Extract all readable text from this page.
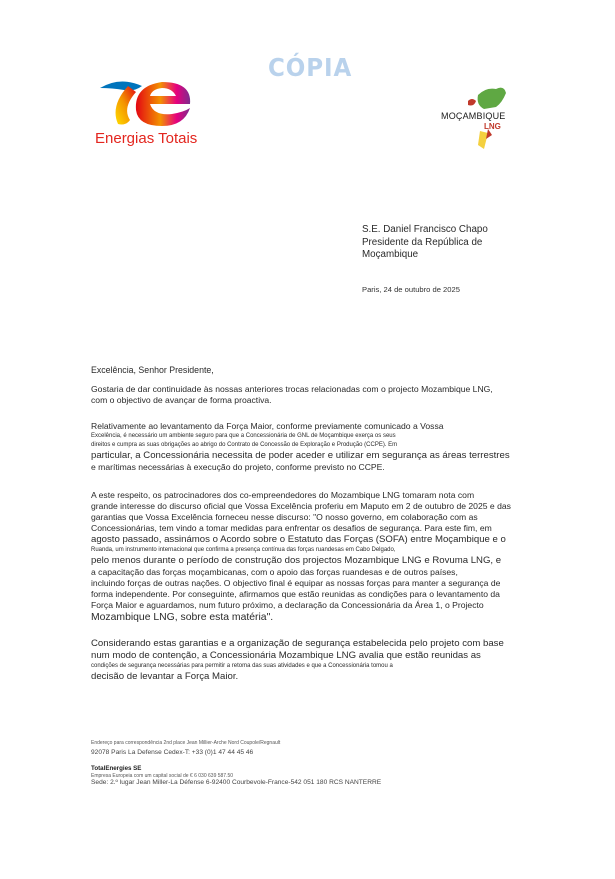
CÓPIA
Energias Totais
MOÇAMBIQUE
LNG
S.E. Daniel Francisco Chapo
Presidente da República de
Moçambique
Paris, 24 de outubro de 2025
Excelência, Senhor Presidente,
Gostaria de dar continuidade às nossas anteriores trocas relacionadas com o projecto Mozambique LNG,
com o objectivo de avançar de forma proactiva.
Relativamente ao levantamento da Força Maior, conforme previamente comunicado a Vossa
Excelência, é necessário um ambiente seguro para que a Concessionária de GNL de Moçambique exerça os seus
direitos e cumpra as suas obrigações ao abrigo do Contrato de Concessão de Exploração e Produção (CCPE). Em
particular, a Concessionária necessita de poder aceder e utilizar em segurança as áreas terrestres
e marítimas necessárias à execução do projeto, conforme previsto no CCPE.
A este respeito, os patrocinadores dos co-empreendedores do Mozambique LNG tomaram nota com
grande interesse do discurso oficial que Vossa Excelência proferiu em Maputo em 2 de outubro de 2025 e das
garantias que Vossa Excelência forneceu nesse discurso: "O nosso governo, em colaboração com as
Concessionárias, tem vindo a tomar medidas para enfrentar os desafios de segurança. Para este fim, em
agosto passado, assinámos o Acordo sobre o Estatuto das Forças (SOFA) entre Moçambique e o
Ruanda, um instrumento internacional que confirma a presença contínua das forças ruandesas em Cabo Delgado,
pelo menos durante o período de construção dos projectos Mozambique LNG e Rovuma LNG, e
a capacitação das forças moçambicanas, com o apoio das forças ruandesas e de outros países,
incluindo forças de outras nações. O objectivo final é equipar as nossas forças para manter a segurança de
forma independente. Por conseguinte, afirmamos que estão reunidas as condições para o levantamento da
Força Maior e aguardamos, num futuro próximo, a declaração da Concessionária da Área 1, o Projecto
Mozambique LNG, sobre esta matéria".
Considerando estas garantias e a organização de segurança estabelecida pelo projeto com base
num modo de contenção, a Concessionária Mozambique LNG avalia que estão reunidas as
condições de segurança necessárias para permitir a retoma das suas atividades e que a Concessionária tomou a
decisão de levantar a Força Maior.
Endereço para correspondência 2nd place Jean Millier-Arche Nord Coupole/Regnault
92078 Paris La Defense Cedex-T: +33 (0)1 47 44 45 46
TotalEnergies SE
Empresa Europeia com um capital social de € 6 030 639 587.50
Sede: 2.º lugar Jean Miller-La Défense 6-92400 Courbevole-France-542 051 180 RCS NANTERRE
